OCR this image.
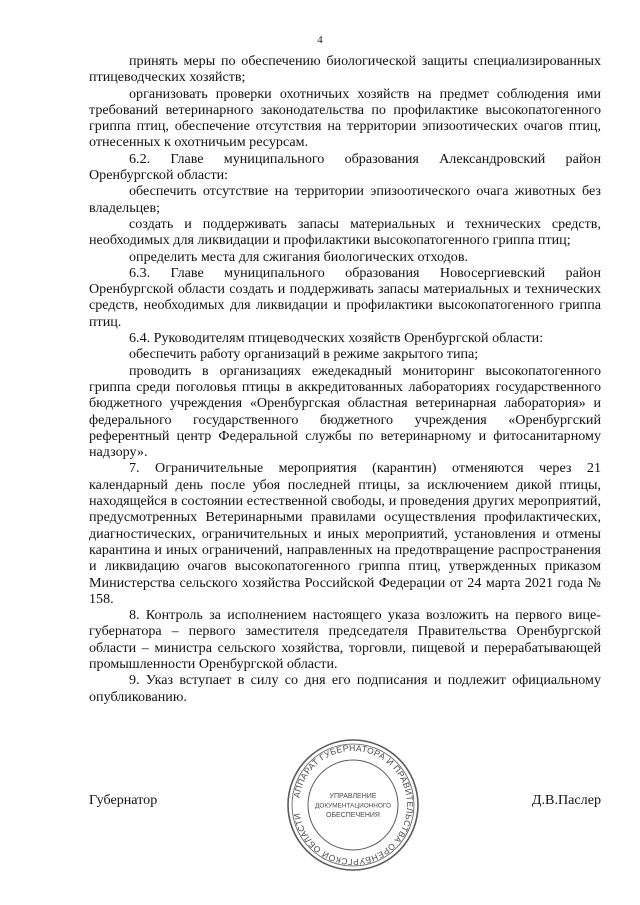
4

принять меры по обеспечению биологической защиты специализированных птицеводческих хозяйств;

организовать проверки охотничьих хозяйств на предмет соблюдения ими требований ветеринарного законодательства по профилактике высокопатогенного гриппа птиц, обеспечение отсутствия на территории эпизоотических очагов птиц, отнесенных к охотничьим ресурсам.

6.2. Главе муниципального образования Александровский район Оренбургской области:

обеспечить отсутствие на территории эпизоотического очага животных без владельцев;

создать и поддерживать запасы материальных и технических средств, необходимых для ликвидации и профилактики высокопатогенного гриппа птиц;

определить места для сжигания биологических отходов.

6.3. Главе муниципального образования Новосергиевский район Оренбургской области создать и поддерживать запасы материальных и технических средств, необходимых для ликвидации и профилактики высокопатогенного гриппа птиц.

6.4. Руководителям птицеводческих хозяйств Оренбургской области:

обеспечить работу организаций в режиме закрытого типа;

проводить в организациях ежедекадный мониторинг высокопатогенного гриппа среди поголовья птицы в аккредитованных лабораториях государственного бюджетного учреждения «Оренбургская областная ветеринарная лаборатория» и федерального государственного бюджетного учреждения «Оренбургский референтный центр Федеральной службы по ветеринарному и фитосанитарному надзору».

7. Ограничительные мероприятия (карантин) отменяются через 21 календарный день после убоя последней птицы, за исключением дикой птицы, находящейся в состоянии естественной свободы, и проведения других мероприятий, предусмотренных Ветеринарными правилами осуществления профилактических, диагностических, ограничительных и иных мероприятий, установления и отмены карантина и иных ограничений, направленных на предотвращение распространения и ликвидацию очагов высокопатогенного гриппа птиц, утвержденных приказом Министерства сельского хозяйства Российской Федерации от 24 марта 2021 года № 158.

8. Контроль за исполнением настоящего указа возложить на первого вице-губернатора – первого заместителя председателя Правительства Оренбургской области – министра сельского хозяйства, торговли, пищевой и перерабатывающей промышленности Оренбургской области.

9. Указ вступает в силу со дня его подписания и подлежит официальному опубликованию.

АППАРАТ ГУБЕРНАТОРА И ПРАВИТЕЛЬСТВА ОРЕНБУРГСКОЙ ОБЛАСТИ
УПРАВЛЕНИЕ
ДОКУМЕНТАЦИОННОГО
ОБЕСПЕЧЕНИЯ
Губернатор	Д.В.Паслер
